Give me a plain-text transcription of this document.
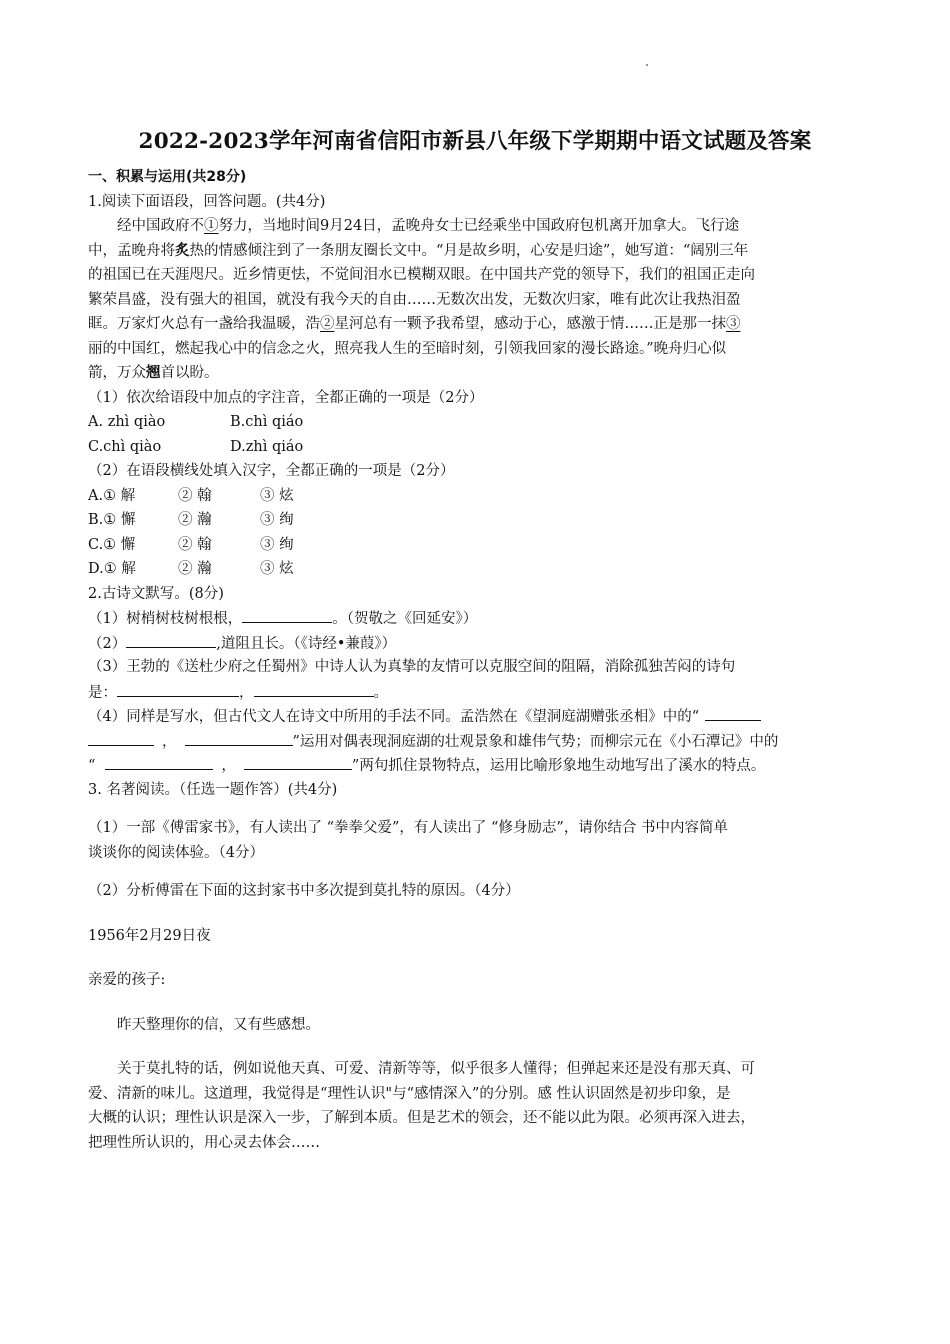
2022-2023学年河南省信阳市新县八年级下学期期中语文试题及答案
一、积累与运用(共28分)
1.阅读下面语段，回答问题。(共4分)
经中国政府不①努力，当地时间9月24日，孟晚舟女士已经乘坐中国政府包机离开加拿大。飞行途
中，孟晚舟将炙热的情感倾注到了一条朋友圈长文中。“月是故乡明，心安是归途”，她写道：“阔别三年
的祖国已在天涯咫尺。近乡情更怯，不觉间泪水已模糊双眼。在中国共产党的领导下，我们的祖国正走向
繁荣昌盛，没有强大的祖国，就没有我今天的自由……无数次出发，无数次归家，唯有此次让我热泪盈
眶。万家灯火总有一盏给我温暖，浩②星河总有一颗予我希望，感动于心，感激于情……正是那一抹③
丽的中国红，燃起我心中的信念之火，照亮我人生的至暗时刻，引领我回家的漫长路途。”晚舟归心似
箭，万众翘首以盼。
（1）依次给语段中加点的字注音，全都正确的一项是（2分）
A. zhì qiào	B.chì qiáo
C.chì qiào	D.zhì qiáo
（2）在语段横线处填入汉字，全都正确的一项是（2分）
A.① 解	② 翰	③ 炫
B.① 懈	② 瀚	③ 绚
C.① 懈	② 翰	③ 绚
D.① 解	② 瀚	③ 炫
2.古诗文默写。(8分)
（1）树梢树枝树根根，	。（贺敬之《回延安》）
（2）	,道阻且长。（《诗经•兼葭》）
（3）王勃的《送杜少府之任蜀州》中诗人认为真挚的友情可以克服空间的阻隔，消除孤独苦闷的诗句
是：	，	。
（4）同样是写水，但古代文人在诗文中所用的手法不同。孟浩然在《望洞庭湖赠张丞相》中的“
，	”运用对偶表现洞庭湖的壮观景象和雄伟气势；而柳宗元在《小石潭记》中的
“	，	”两句抓住景物特点，运用比喻形象地生动地写出了溪水的特点。
3. 名著阅读。（任选一题作答）(共4分)
（1）一部《傅雷家书》，有人读出了 “拳拳父爱”，有人读出了 “修身励志”，请你结合 书中内容简单
谈谈你的阅读体验。（4分）
（2）分析傅雷在下面的这封家书中多次提到莫扎特的原因。（4分）
1956年2月29日夜
亲爱的孩子:
昨天整理你的信，又有些感想。
关于莫扎特的话，例如说他天真、可爱、清新等等，似乎很多人懂得；但弹起来还是没有那天真、可
爱、清新的味儿。这道理，我觉得是“理性认识"与“感情深入”的分别。感 性认识固然是初步印象，是
大概的认识；理性认识是深入一步，了解到本质。但是艺术的领会，还不能以此为限。必须再深入进去，
把理性所认识的，用心灵去体会……
